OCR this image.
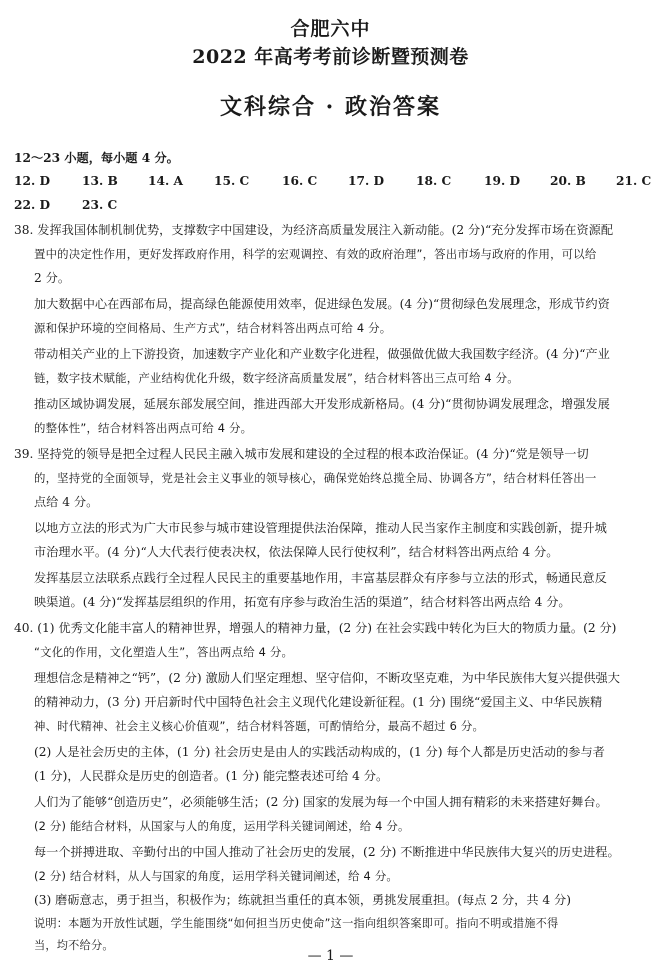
合肥六中
2022 年高考考前诊断暨预测卷
文科综合 · 政治答案
12～23 小题，每小题 4 分。
12. D	13. B 14. A	15. C	16. C	17. D	18. C	19. D 20. B 21. C
22. D	23. C
38. 发挥我国体制机制优势，支撑数字中国建设，为经济高质量发展注入新动能。(2 分)“充分发挥市场在资源配
置中的决定性作用，更好发挥政府作用，科学的宏观调控、有效的政府治理”，答出市场与政府的作用，可以给
2 分。
加大数据中心在西部布局，提高绿色能源使用效率，促进绿色发展。(4 分)“贯彻绿色发展理念，形成节约资
源和保护环境的空间格局、生产方式”，结合材料答出两点可给 4 分。
带动相关产业的上下游投资，加速数字产业化和产业数字化进程，做强做优做大我国数字经济。(4 分)“产业
链，数字技术赋能，产业结构优化升级，数字经济高质量发展”，结合材料答出三点可给 4 分。
推动区域协调发展，延展东部发展空间，推进西部大开发形成新格局。(4 分)“贯彻协调发展理念，增强发展
的整体性”，结合材料答出两点可给 4 分。
39. 坚持党的领导是把全过程人民民主融入城市发展和建设的全过程的根本政治保证。(4 分)“党是领导一切
的，坚持党的全面领导，党是社会主义事业的领导核心，确保党始终总揽全局、协调各方”，结合材料任答出一
点给 4 分。
以地方立法的形式为广大市民参与城市建设管理提供法治保障，推动人民当家作主制度和实践创新，提升城
市治理水平。(4 分)“人大代表行使表决权，依法保障人民行使权利”，结合材料答出两点给 4 分。
发挥基层立法联系点践行全过程人民民主的重要基地作用，丰富基层群众有序参与立法的形式，畅通民意反
映渠道。(4 分)“发挥基层组织的作用，拓宽有序参与政治生活的渠道”，结合材料答出两点给 4 分。
40. (1) 优秀文化能丰富人的精神世界，增强人的精神力量，(2 分) 在社会实践中转化为巨大的物质力量。(2 分)
“文化的作用，文化塑造人生”，答出两点给 4 分。
理想信念是精神之“钙”，(2 分) 激励人们坚定理想、坚守信仰，不断攻坚克难，为中华民族伟大复兴提供强大
的精神动力，(3 分) 开启新时代中国特色社会主义现代化建设新征程。(1 分) 围绕“爱国主义、中华民族精
神、时代精神、社会主义核心价值观”，结合材料答题，可酌情给分，最高不超过 6 分。
(2) 人是社会历史的主体，(1 分) 社会历史是由人的实践活动构成的，(1 分) 每个人都是历史活动的参与者
(1 分)，人民群众是历史的创造者。(1 分) 能完整表述可给 4 分。
人们为了能够“创造历史”，必须能够生活；(2 分) 国家的发展为每一个中国人拥有精彩的未来搭建好舞台。
(2 分) 能结合材料，从国家与人的角度，运用学科关键词阐述，给 4 分。
每一个拼搏进取、辛勤付出的中国人推动了社会历史的发展，(2 分) 不断推进中华民族伟大复兴的历史进程。
(2 分) 结合材料，从人与国家的角度，运用学科关键词阐述，给 4 分。
(3) 磨砺意志，勇于担当，积极作为；练就担当重任的真本领，勇挑发展重担。(每点 2 分，共 4 分)
说明：本题为开放性试题，学生能围绕“如何担当历史使命”这一指向组织答案即可。指向不明或措施不得
当，均不给分。
— 1 —
